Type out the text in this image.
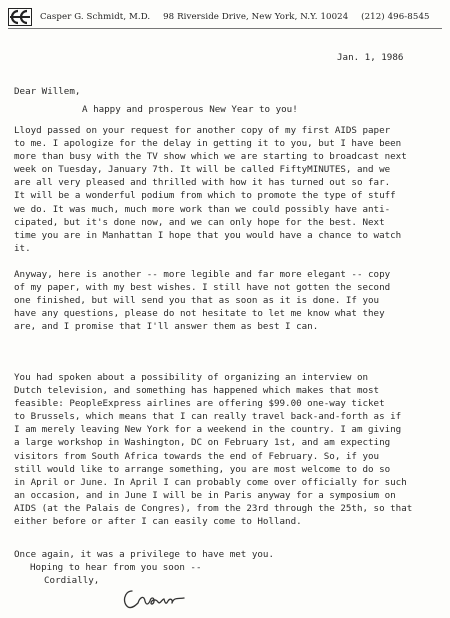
Casper G. Schmidt, M.D. 98 Riverside Drive, New York, N.Y. 10024 (212) 496-8545
Jan. 1, 1986
Dear Willem,
A happy and prosperous New Year to you!
Lloyd passed on your request for another copy of my first AIDS paper
to me. I apologize for the delay in getting it to you, but I have been
more than busy with the TV show which we are starting to broadcast next
week on Tuesday, January 7th. It will be called FiftyMINUTES, and we
are all very pleased and thrilled with how it has turned out so far.
It will be a wonderful podium from which to promote the type of stuff
we do. It was much, much more work than we could possibly have anti-
cipated, but it's done now, and we can only hope for the best. Next
time you are in Manhattan I hope that you would have a chance to watch
it.
Anyway, here is another -- more legible and far more elegant -- copy
of my paper, with my best wishes. I still have not gotten the second
one finished, but will send you that as soon as it is done. If you
have any questions, please do not hesitate to let me know what they
are, and I promise that I'll answer them as best I can.
You had spoken about a possibility of organizing an interview on
Dutch television, and something has happened which makes that most
feasible: PeopleExpress airlines are offering $99.00 one-way ticket
to Brussels, which means that I can really travel back-and-forth as if
I am merely leaving New York for a weekend in the country. I am giving
a large workshop in Washington, DC on February 1st, and am expecting
visitors from South Africa towards the end of February. So, if you
still would like to arrange something, you are most welcome to do so
in April or June. In April I can probably come over officially for such
an occasion, and in June I will be in Paris anyway for a symposium on
AIDS (at the Palais de Congres), from the 23rd through the 25th, so that
either before or after I can easily come to Holland.
Once again, it was a privilege to have met you.
Hoping to hear from you soon --
Cordially,
